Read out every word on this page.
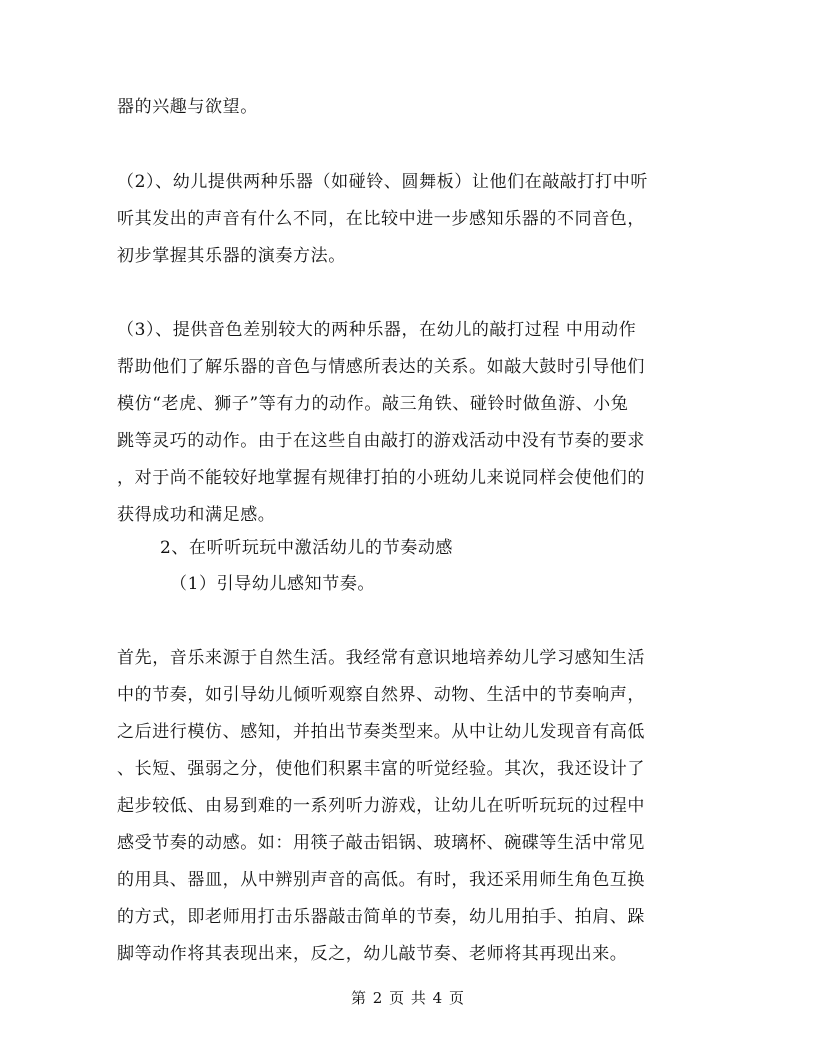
器的兴趣与欲望。
（2）、幼儿提供两种乐器（如碰铃、圆舞板）让他们在敲敲打打中听
听其发出的声音有什么不同，在比较中进一步感知乐器的不同音色，
初步掌握其乐器的演奏方法。
（3）、提供音色差别较大的两种乐器，在幼儿的敲打过程 中用动作
帮助他们了解乐器的音色与情感所表达的关系。如敲大鼓时引导他们
模仿“老虎、狮子”等有力的动作。敲三角铁、碰铃时做鱼游、小兔
跳等灵巧的动作。由于在这些自由敲打的游戏活动中没有节奏的要求
，对于尚不能较好地掌握有规律打拍的小班幼儿来说同样会使他们的
获得成功和满足感。
2、在听听玩玩中激活幼儿的节奏动感
（1）引导幼儿感知节奏。
首先，音乐来源于自然生活。我经常有意识地培养幼儿学习感知生活
中的节奏，如引导幼儿倾听观察自然界、动物、生活中的节奏响声，
之后进行模仿、感知，并拍出节奏类型来。从中让幼儿发现音有高低
、长短、强弱之分，使他们积累丰富的听觉经验。其次，我还设计了
起步较低、由易到难的一系列听力游戏，让幼儿在听听玩玩的过程中
感受节奏的动感。如：用筷子敲击铝锅、玻璃杯、碗碟等生活中常见
的用具、器皿，从中辨别声音的高低。有时，我还采用师生角色互换
的方式，即老师用打击乐器敲击简单的节奏，幼儿用拍手、拍肩、跺
脚等动作将其表现出来，反之，幼儿敲节奏、老师将其再现出来。
第 2 页 共 4 页
